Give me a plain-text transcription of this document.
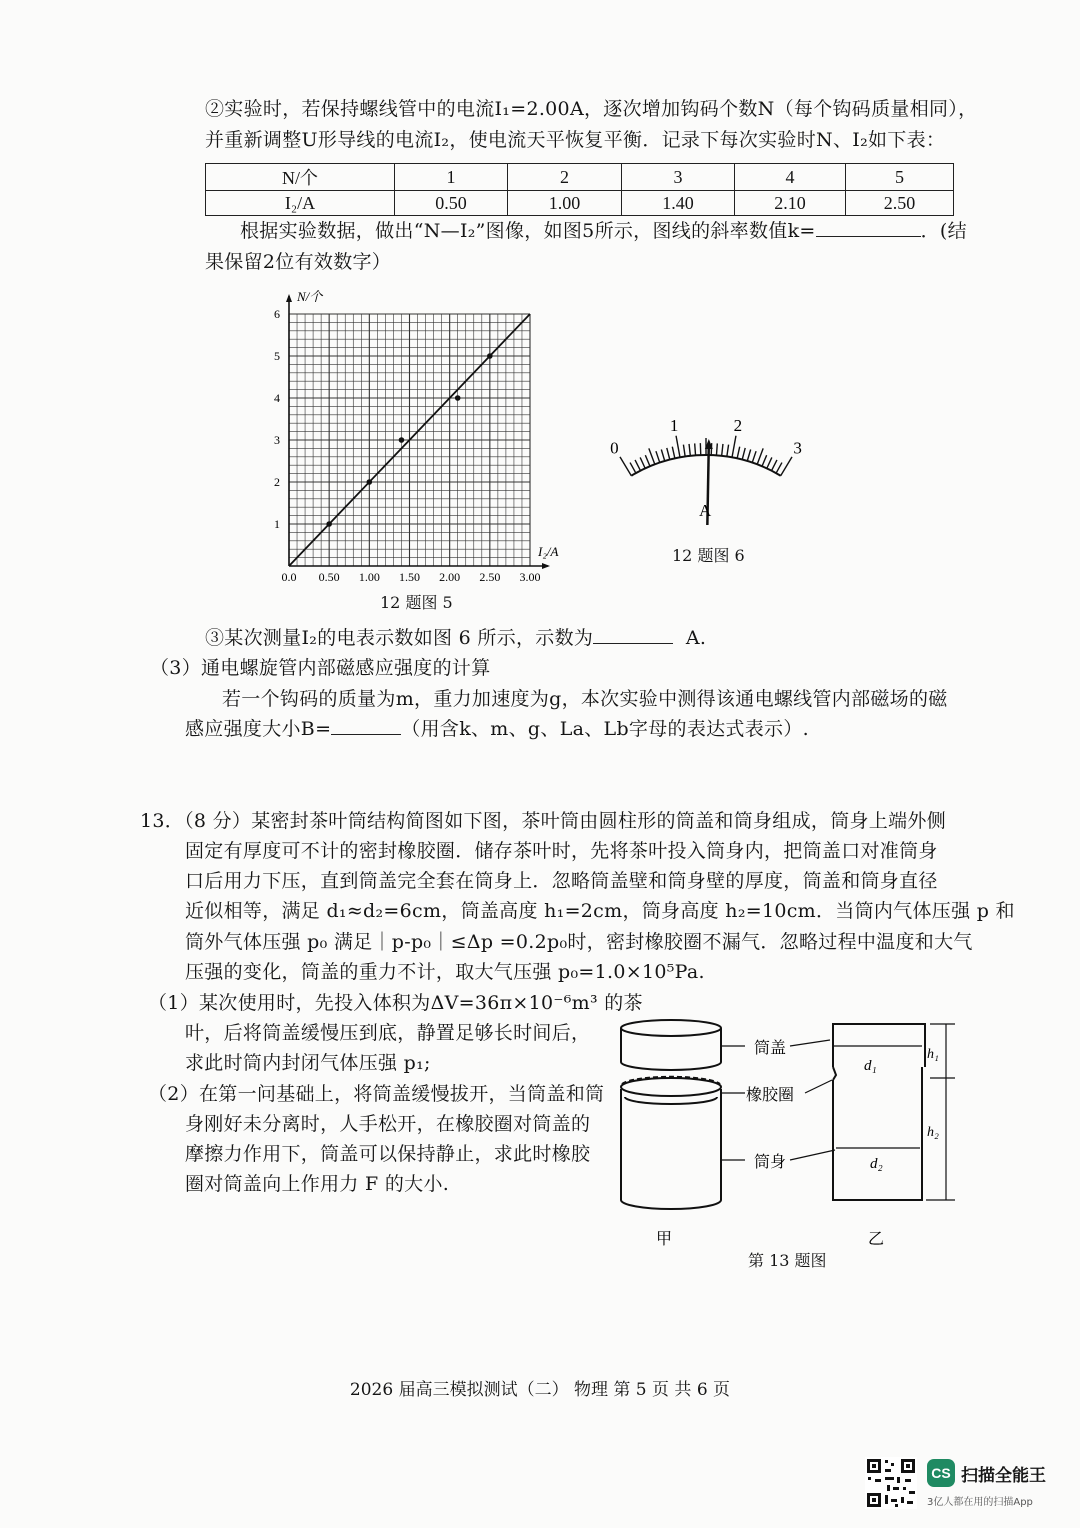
②实验时，若保持螺线管中的电流I₁=2.00A，逐次增加钩码个数N（每个钩码质量相同），
并重新调整U形导线的电流I₂，使电流天平恢复平衡．记录下每次实验时N、I₂如下表：
N/个	1	2	3	4	5
I₂/A	0.50	1.00	1.40	2.10	2.50
根据实验数据，做出“N—I₂”图像，如图5所示，图线的斜率数值k=	．(结
果保留2位有效数字）
0.0 0.50 1.00 1.50 2.00 2.50 3.00
1
2
3
4
5
6
N/个
I₂/A
12 题图 5
0
1	2
3
A
12 题图 6
③某次测量I₂的电表示数如图 6 所示，示数为	A.
（3）通电螺旋管内部磁感应强度的计算
若一个钩码的质量为m，重力加速度为g，本次实验中测得该通电螺线管内部磁场的磁
感应强度大小B=	（用含k、m、g、La、Lb字母的表达式表示）.
13．（8 分）某密封茶叶筒结构简图如下图，茶叶筒由圆柱形的筒盖和筒身组成，筒身上端外侧
固定有厚度可不计的密封橡胶圈．储存茶叶时，先将茶叶投入筒身内，把筒盖口对准筒身
口后用力下压，直到筒盖完全套在筒身上．忽略筒盖壁和筒身壁的厚度，筒盖和筒身直径
近似相等，满足 d₁≈d₂=6cm，筒盖高度 h₁=2cm，筒身高度 h₂=10cm．当筒内气体压强 p 和
筒外气体压强 p₀ 满足｜p-p₀｜≤Δp =0.2p₀时，密封橡胶圈不漏气．忽略过程中温度和大气
压强的变化，筒盖的重力不计，取大气压强 p₀=1.0×10⁵Pa.
（1）某次使用时，先投入体积为ΔV=36π×10⁻⁶m³ 的茶
叶，后将筒盖缓慢压到底，静置足够长时间后，
求此时筒内封闭气体压强 p₁;
（2）在第一问基础上，将筒盖缓慢拔开，当筒盖和筒
身刚好未分离时，人手松开，在橡胶圈对筒盖的
摩擦力作用下，筒盖可以保持静止，求此时橡胶
圈对筒盖向上作用力 F 的大小.
筒盖
橡胶圈
筒身
d₁
d₂
h₁
h₂
甲	乙
第 13 题图
2026 届高三模拟测试（二） 物理 第 5 页 共 6 页
CS 扫描全能王
3亿人都在用的扫描App
